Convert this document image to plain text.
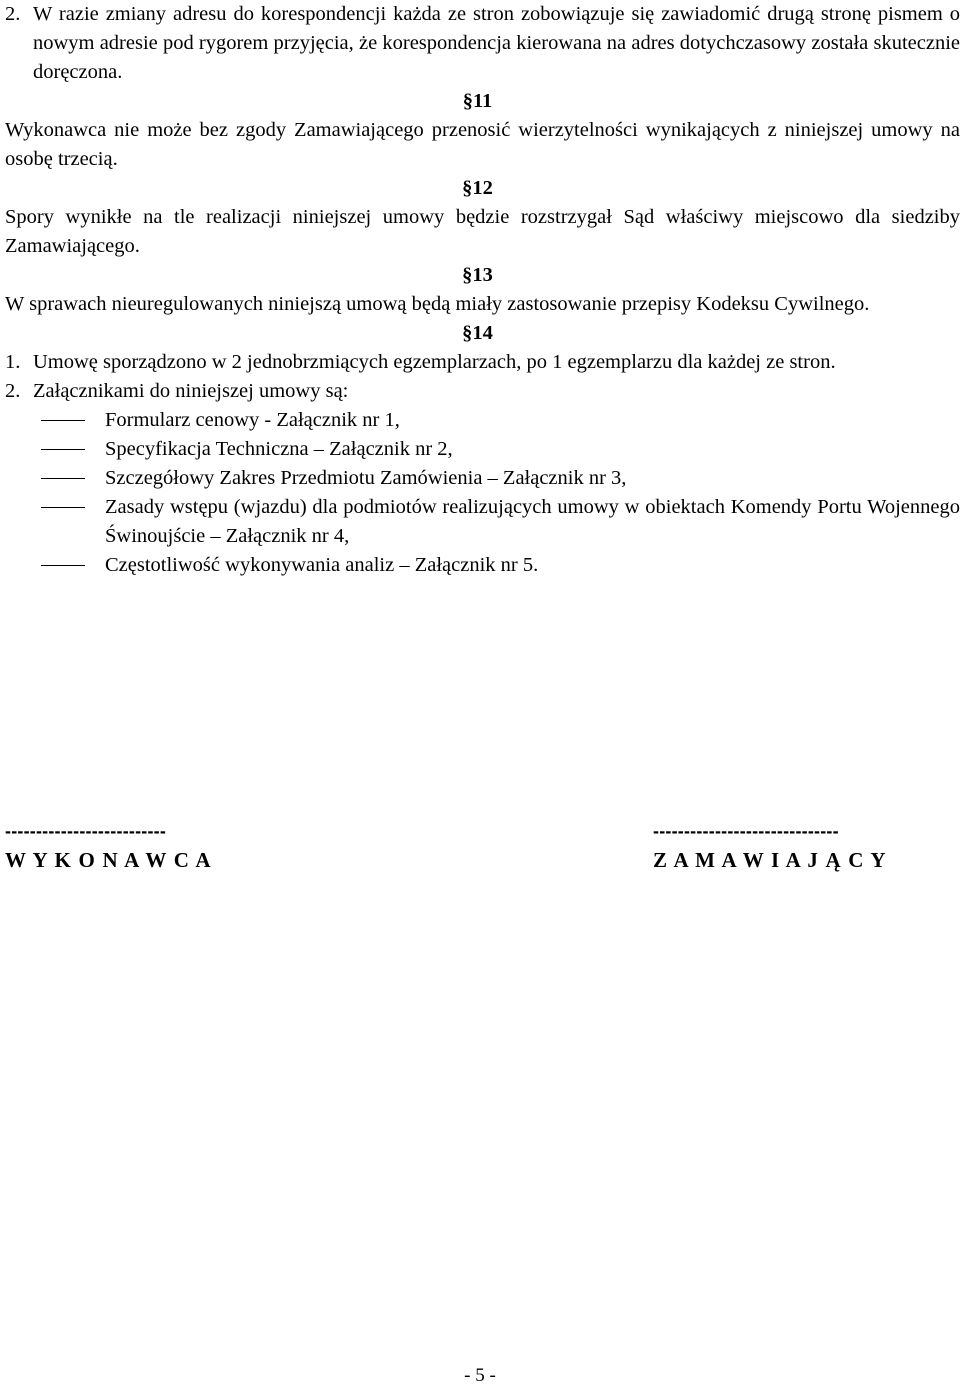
2. W razie zmiany adresu do korespondencji każda ze stron zobowiązuje się zawiadomić drugą stronę pismem o nowym adresie pod rygorem przyjęcia, że korespondencja kierowana na adres dotychczasowy została skutecznie doręczona.
§11
Wykonawca nie może bez zgody Zamawiającego przenosić wierzytelności wynikających z niniejszej umowy na osobę trzecią.
§12
Spory wynikłe na tle realizacji niniejszej umowy będzie rozstrzygał Sąd właściwy miejscowo dla siedziby Zamawiającego.
§13
W sprawach nieuregulowanych niniejszą umową będą miały zastosowanie przepisy Kodeksu Cywilnego.
§14
1. Umowę sporządzono w 2 jednobrzmiących egzemplarzach, po 1 egzemplarzu dla każdej ze stron.
2. Załącznikami do niniejszej umowy są:
Formularz cenowy - Załącznik nr 1,
Specyfikacja Techniczna – Załącznik nr 2,
Szczegółowy Zakres Przedmiotu Zamówienia – Załącznik nr 3,
Zasady wstępu (wjazdu) dla podmiotów realizujących umowy w obiektach Komendy Portu Wojennego Świnoujście – Załącznik nr 4,
Częstotliwość wykonywania analiz – Załącznik nr 5.
--------------------------
W Y K O N A W C A
------------------------------
Z A M A W I A J Ą C Y
- 5 -
